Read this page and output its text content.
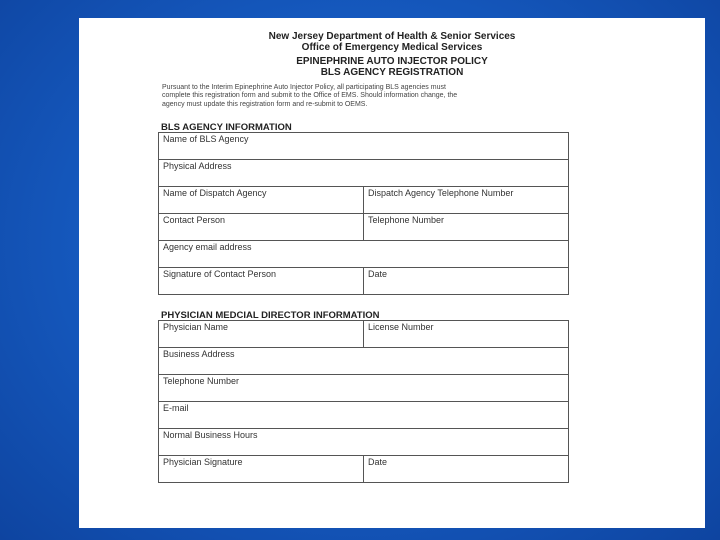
New Jersey Department of Health & Senior Services
Office of Emergency Medical Services
EPINEPHRINE AUTO INJECTOR POLICY
BLS AGENCY REGISTRATION
Pursuant to the Interim Epinephrine Auto Injector Policy, all participating BLS agencies must
complete this registration form and submit to the Office of EMS. Should information change, the
agency must update this registration form and re-submit to OEMS.
BLS AGENCY INFORMATION
Name of BLS Agency
Physical Address
Name of Dispatch Agency	Dispatch Agency Telephone Number
Contact Person	Telephone Number
Agency email address
Signature of Contact Person	Date
PHYSICIAN MEDCIAL DIRECTOR INFORMATION
Physician Name	License Number
Business Address
Telephone Number
E-mail
Normal Business Hours
Physician Signature	Date
